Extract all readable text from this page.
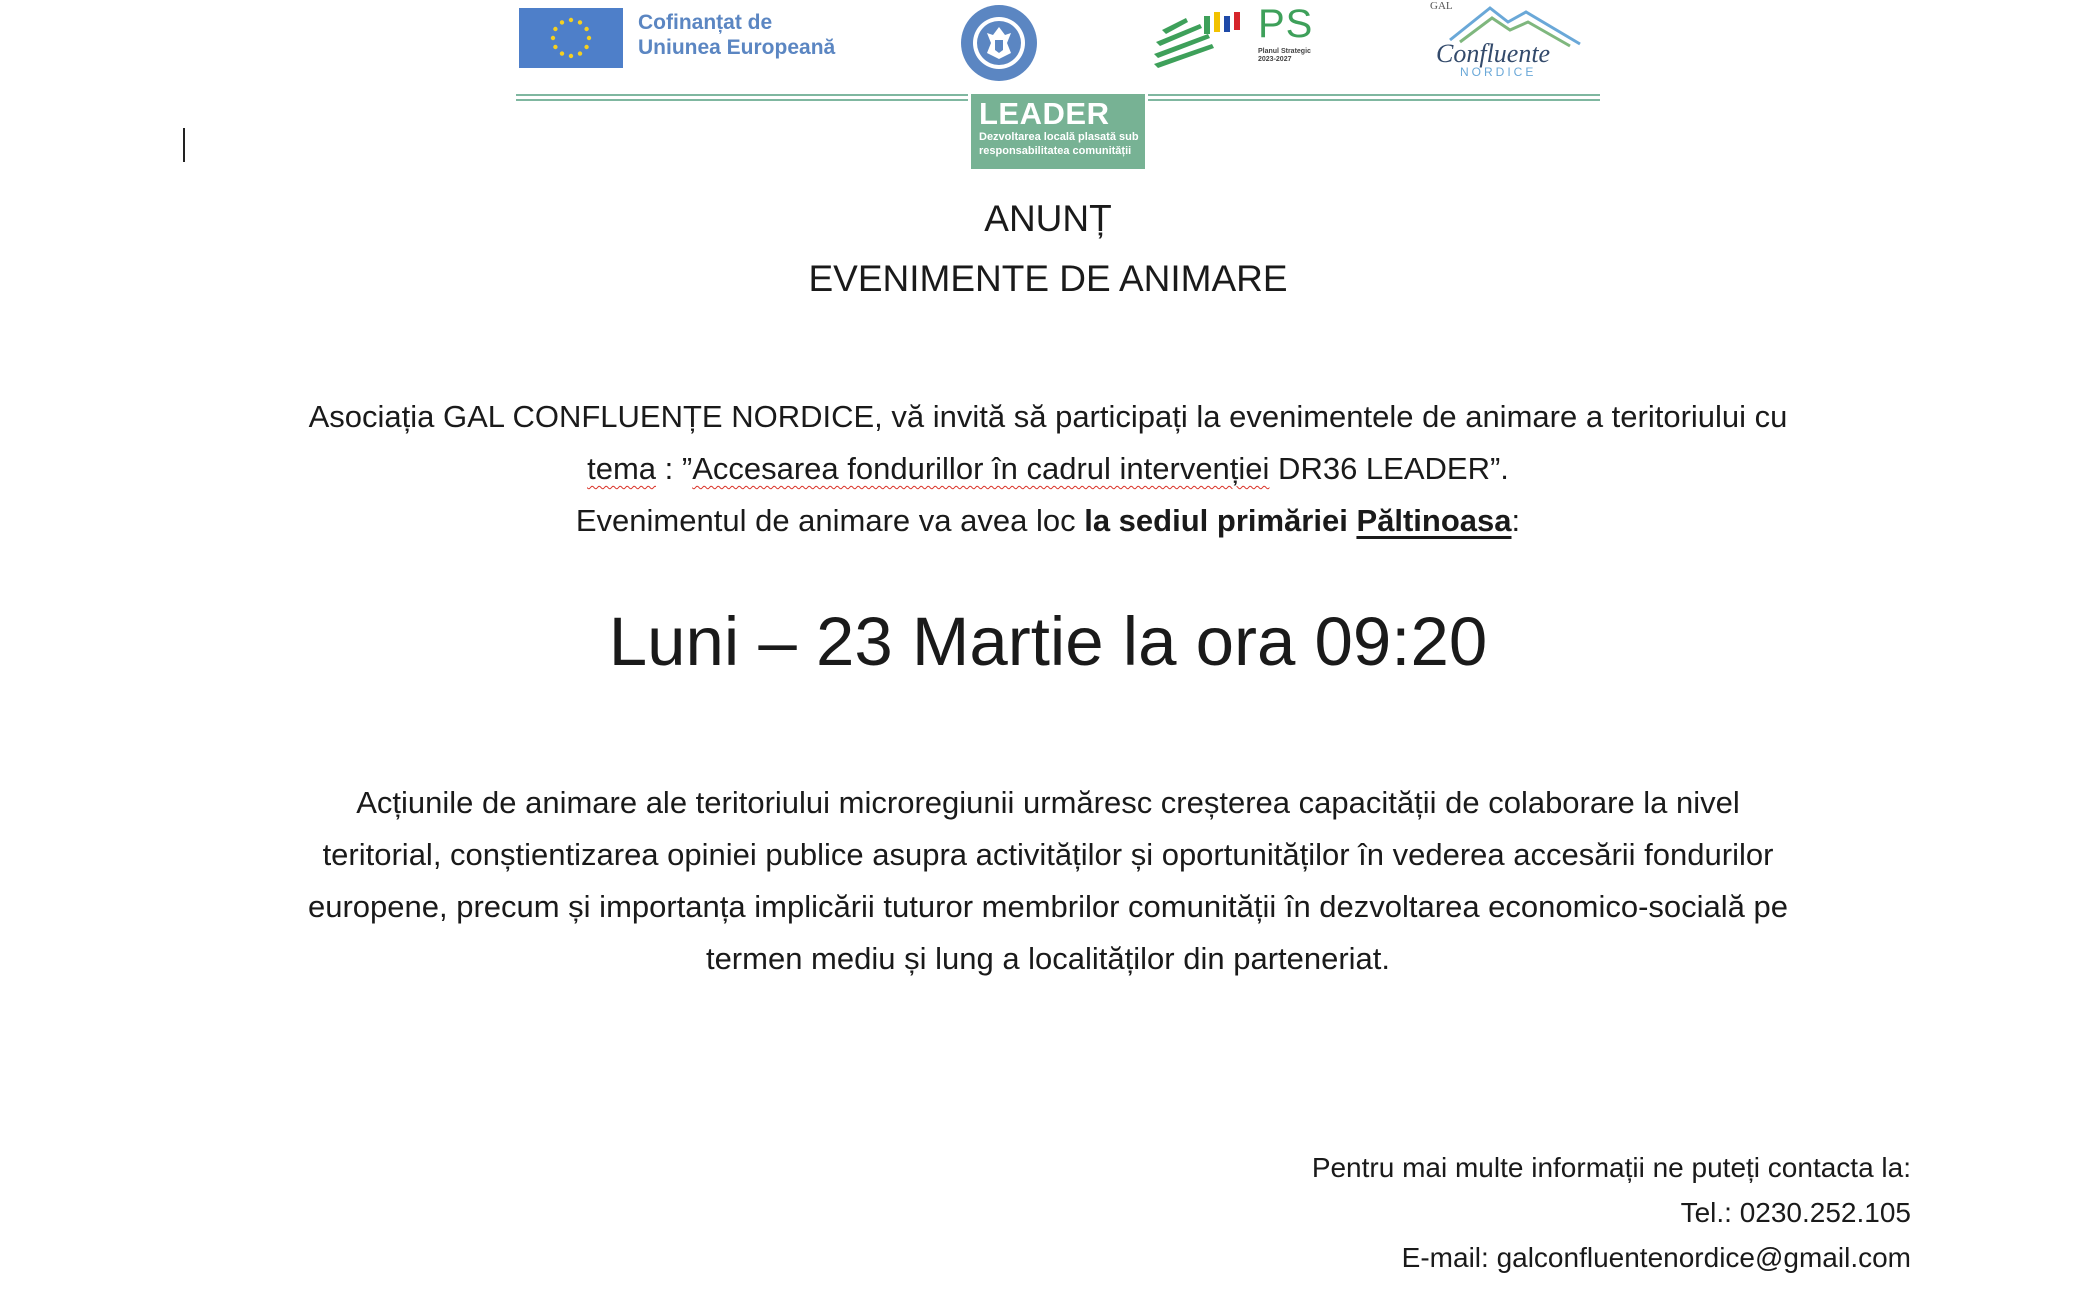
Cofinanțat de
Uniunea Europeană
PS
Planul Strategic
2023-2027
GAL
Confluente
NORDICE
LEADER
Dezvoltarea locală plasată sub responsabilitatea comunității
ANUNȚ
EVENIMENTE DE ANIMARE
Asociația GAL CONFLUENȚE NORDICE, vă invită să participați la evenimentele de animare a teritoriului cu
tema : ”Accesarea fondurillor în cadrul intervenției DR36 LEADER”.
Evenimentul de animare va avea loc la sediul primăriei Păltinoasa:
Luni – 23 Martie la ora 09:20
Acțiunile de animare ale teritoriului microregiunii urmăresc creșterea capacității de colaborare la nivel
teritorial, conștientizarea opiniei publice asupra activităților și oportunităților în vederea accesării fondurilor
europene, precum și importanța implicării tuturor membrilor comunității în dezvoltarea economico-socială pe
termen mediu și lung a localităților din parteneriat.
Pentru mai multe informații ne puteți contacta la:
Tel.: 0230.252.105
E-mail: galconfluentenordice@gmail.com
